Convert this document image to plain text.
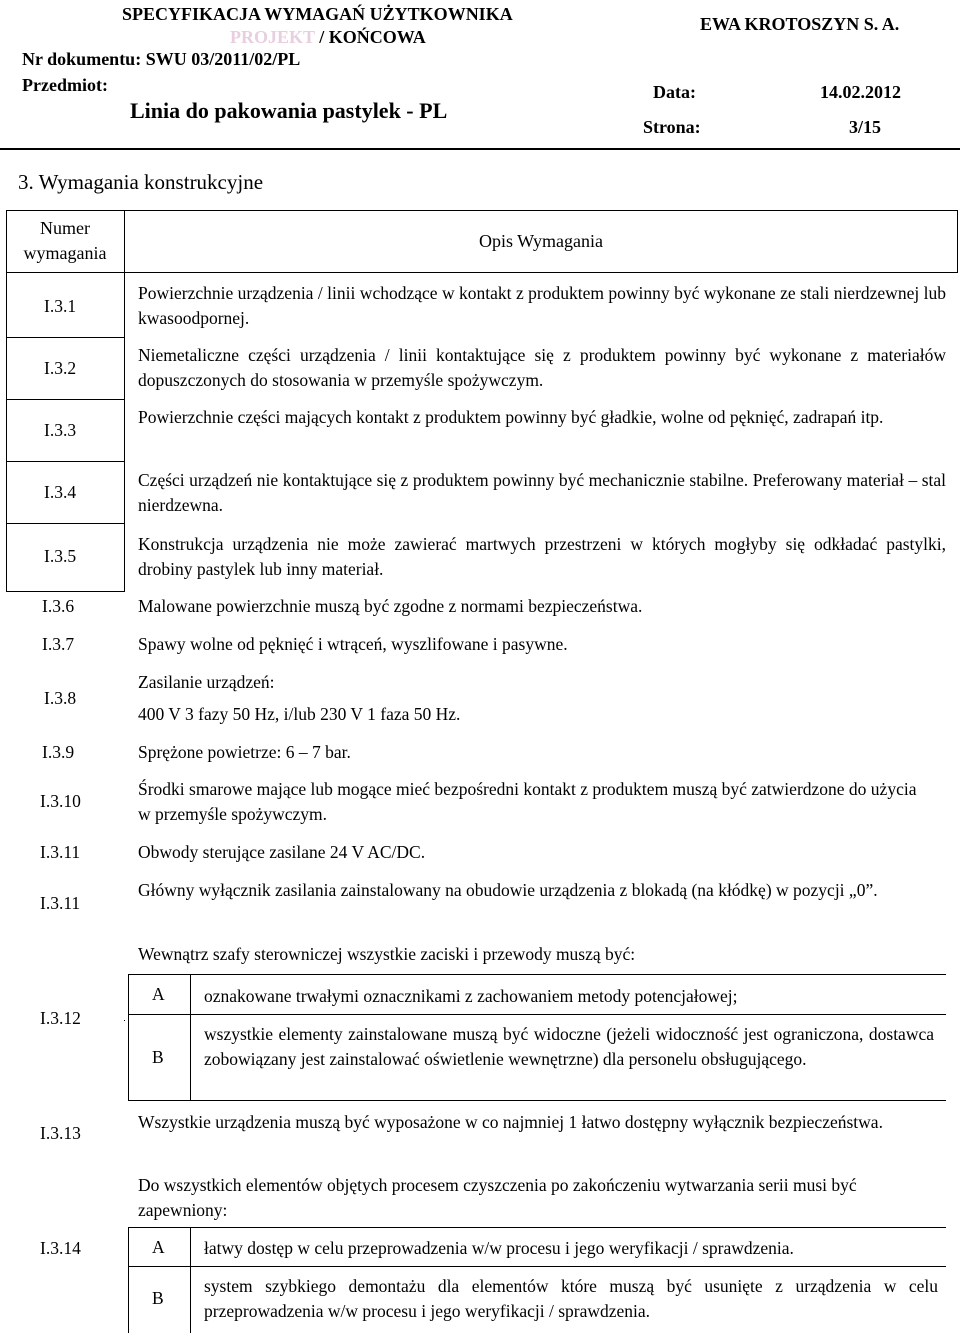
SPECYFIKACJA WYMAGAŃ UŻYTKOWNIKA
PROJEKT / KOŃCOWA
Nr dokumentu: SWU 03/2011/02/PL
EWA KROTOSZYN S. A.
Przedmiot:
Linia do pakowania pastylek - PL
Data:	14.02.2012
Strona:	3/15
3. Wymagania konstrukcyjne
Numer wymagania
Opis Wymagania
I.3.1
Powierzchnie urządzenia / linii wchodzące w kontakt z produktem powinny być wykonane ze stali nierdzewnej lub kwasoodpornej.
I.3.2
Niemetaliczne części urządzenia / linii kontaktujące się z produktem powinny być wykonane z materiałów dopuszczonych do stosowania w przemyśle spożywczym.
I.3.3
Powierzchnie części mających kontakt z produktem powinny być gładkie, wolne od pęknięć, zadrapań itp.
I.3.4
Części urządzeń nie kontaktujące się z produktem powinny być mechanicznie stabilne. Preferowany materiał – stal nierdzewna.
I.3.5
Konstrukcja urządzenia nie może zawierać martwych przestrzeni w których mogłyby się odkładać pastylki, drobiny pastylek lub inny materiał.
I.3.6	Malowane powierzchnie muszą być zgodne z normami bezpieczeństwa.
I.3.7	Spawy wolne od pęknięć i wtrąceń, wyszlifowane i pasywne.
I.3.8
Zasilanie urządzeń:
400 V 3 fazy 50 Hz, i/lub 230 V 1 faza 50 Hz.
I.3.9	Sprężone powietrze: 6 – 7 bar.
I.3.10
Środki smarowe mające lub mogące mieć bezpośredni kontakt z produktem muszą być zatwierdzone do użycia w przemyśle spożywczym.
I.3.11	Obwody sterujące zasilane 24 V AC/DC.
I.3.11
Główny wyłącznik zasilania zainstalowany na obudowie urządzenia z blokadą (na kłódkę) w pozycji „0”.
I.3.12
Wewnątrz szafy sterowniczej wszystkie zaciski i przewody muszą być:
A oznakowane trwałymi oznacznikami z zachowaniem metody potencjałowej;
B
wszystkie elementy zainstalowane muszą być widoczne (jeżeli widoczność jest ograniczona, dostawca zobowiązany jest zainstalować oświetlenie wewnętrzne) dla personelu obsługującego.
I.3.13
Wszystkie urządzenia muszą być wyposażone w co najmniej 1 łatwo dostępny wyłącznik bezpieczeństwa.
I.3.14
Do wszystkich elementów objętych procesem czyszczenia po zakończeniu wytwarzania serii musi być zapewniony:
A łatwy dostęp w celu przeprowadzenia w/w procesu i jego weryfikacji / sprawdzenia.
B
system szybkiego demontażu dla elementów które muszą być usunięte z urządzenia w celu przeprowadzenia w/w procesu i jego weryfikacji / sprawdzenia.
